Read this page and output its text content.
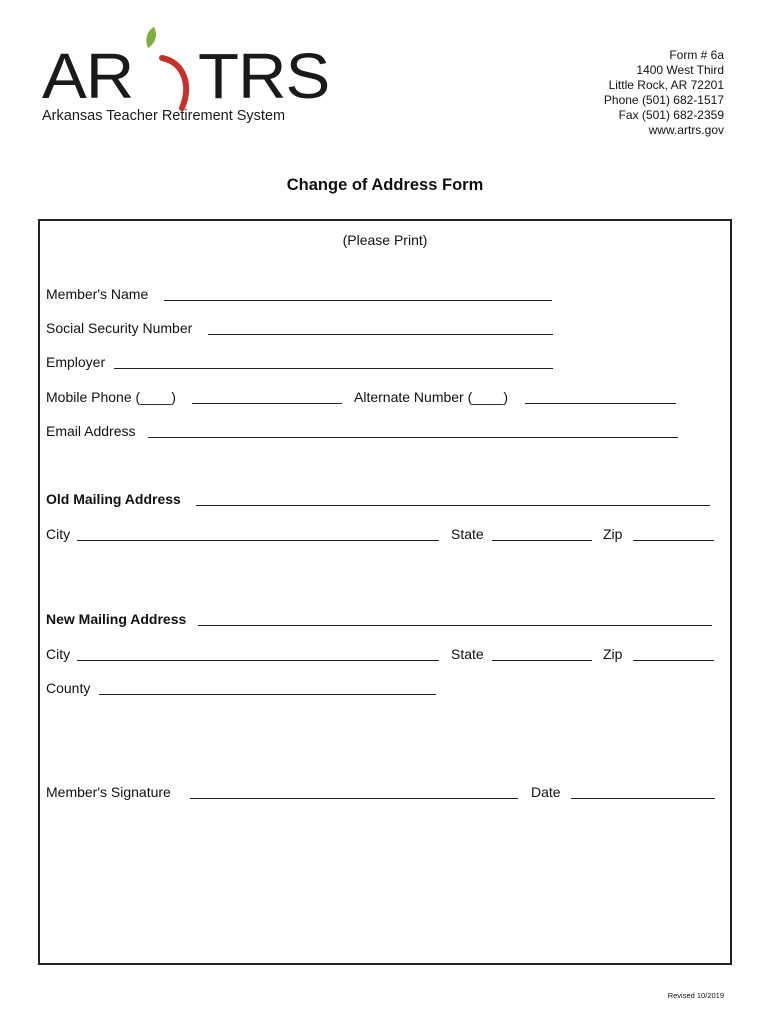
AR TRS
Arkansas Teacher Retirement System
Form # 6a
1400 West Third
Little Rock, AR 72201
Phone (501) 682-1517
Fax (501) 682-2359
www.artrs.gov
Change of Address Form
(Please Print)
Member's Name
Social Security Number
Employer
Mobile Phone (____)	Alternate Number (____)
Email Address
Old Mailing Address
City	State	Zip
New Mailing Address
City	State	Zip
County
Member's Signature	Date
Revised 10/2019
